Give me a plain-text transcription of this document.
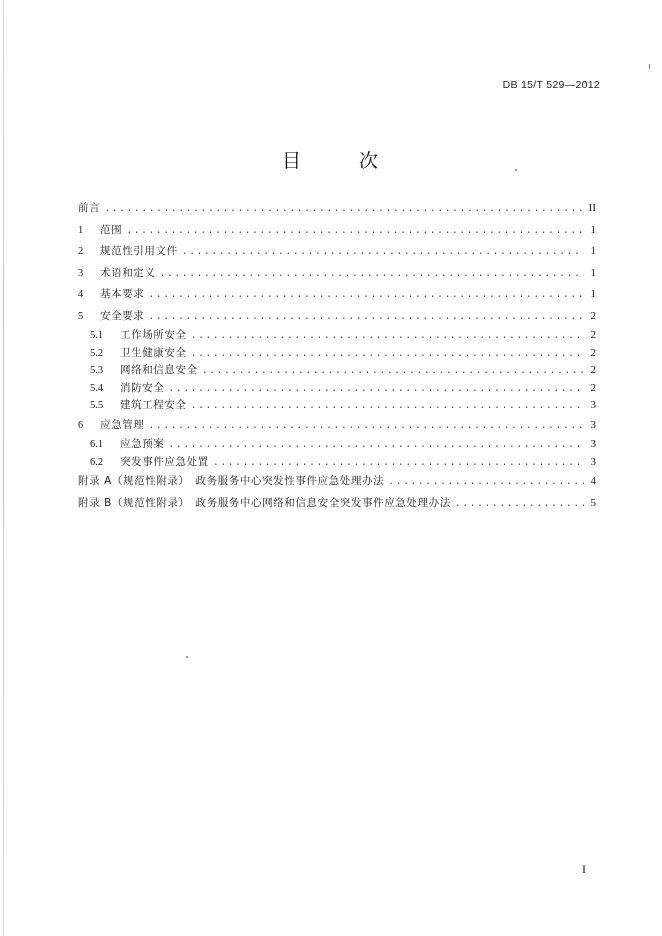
DB 15/T 529—2012
目 次
前言 .....	II
1	范围 .....	1
2	规范性引用文件 .....	1
3	术语和定义 .....	1
4	基本要求 .....	1
5	安全要求 .....	2
5.1	工作场所安全 .....	2
5.2	卫生健康安全 .....	2
5.3	网络和信息安全 .....	2
5.4	消防安全 .....	2
5.5	建筑工程安全 .....	3
6	应急管理 .....	3
6.1	应急预案 .....	3
6.2	突发事件应急处置 .....	3
附录 A（规范性附录）　政务服务中心突发性事件应急处理办法 .....	4
附录 B（规范性附录）　政务服务中心网络和信息安全突发事件应急处理办法 .....	5
I
